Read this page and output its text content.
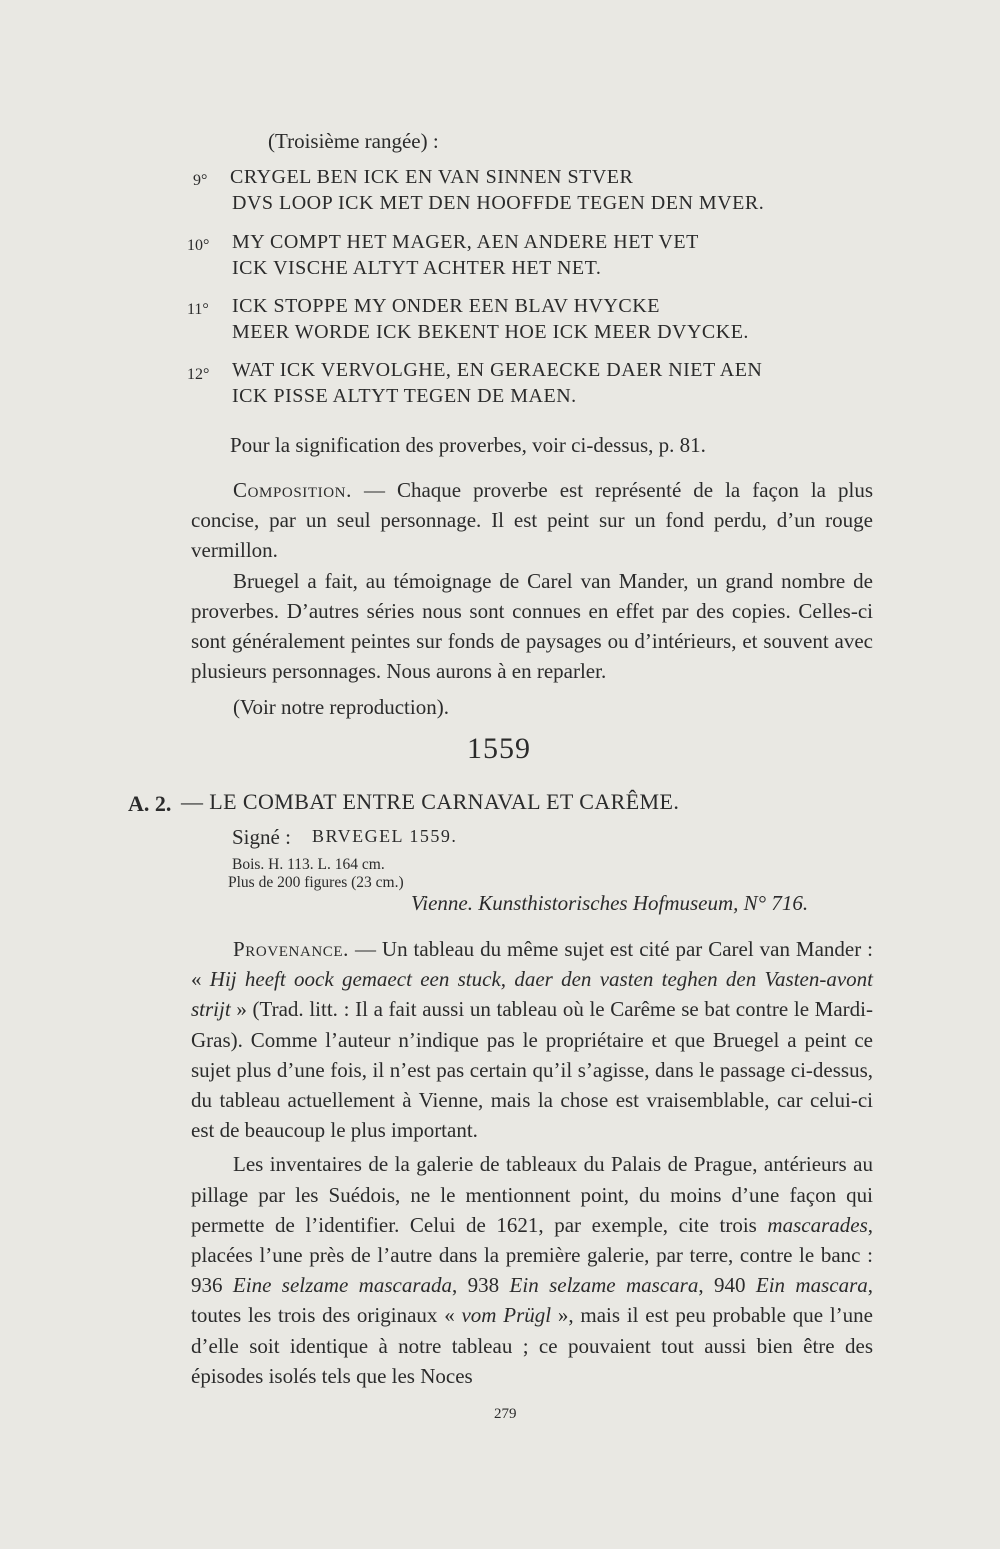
(Troisième rangée) :
9° CRYGEL BEN ICK EN VAN SINNEN STVER
DVS LOOP ICK MET DEN HOOFFDE TEGEN DEN MVER.
10° MY COMPT HET MAGER, AEN ANDERE HET VET
ICK VISCHE ALTYT ACHTER HET NET.
11° ICK STOPPE MY ONDER EEN BLAV HVYCKE
MEER WORDE ICK BEKENT HOE ICK MEER DVYCKE.
12° WAT ICK VERVOLGHE, EN GERAECKE DAER NIET AEN
ICK PISSE ALTYT TEGEN DE MAEN.
Pour la signification des proverbes, voir ci-dessus, p. 81.

Composition. — Chaque proverbe est représenté de la façon la plus concise, par un seul personnage. Il est peint sur un fond perdu, d’un rouge vermillon.

Bruegel a fait, au témoignage de Carel van Mander, un grand nombre de proverbes. D’autres séries nous sont connues en effet par des copies. Celles-ci sont généralement peintes sur fonds de paysages ou d’intérieurs, et souvent avec plusieurs personnages. Nous aurons à en reparler.

(Voir notre reproduction).

1559
A. 2. — LE COMBAT ENTRE CARNAVAL ET CARÊME.
Signé : BRVEGEL 1559.
Bois. H. 113. L. 164 cm.
Plus de 200 figures (23 cm.)
Vienne. Kunsthistorisches Hofmuseum, N° 716.

Provenance. — Un tableau du même sujet est cité par Carel van Mander : « Hij heeft oock gemaect een stuck, daer den vasten teghen den Vasten-avont strijt » (Trad. litt. : Il a fait aussi un tableau où le Carême se bat contre le Mardi-Gras). Comme l’auteur n’indique pas le propriétaire et que Bruegel a peint ce sujet plus d’une fois, il n’est pas certain qu’il s’agisse, dans le passage ci-dessus, du tableau actuellement à Vienne, mais la chose est vraisemblable, car celui-ci est de beaucoup le plus important.

Les inventaires de la galerie de tableaux du Palais de Prague, antérieurs au pillage par les Suédois, ne le mentionnent point, du moins d’une façon qui permette de l’identifier. Celui de 1621, par exemple, cite trois mascarades, placées l’une près de l’autre dans la première galerie, par terre, contre le banc : 936 Eine selzame mascarada, 938 Ein selzame mascara, 940 Ein mascara, toutes les trois des originaux « vom Prügl », mais il est peu probable que l’une d’elle soit identique à notre tableau ; ce pouvaient tout aussi bien être des épisodes isolés tels que les Noces

279
